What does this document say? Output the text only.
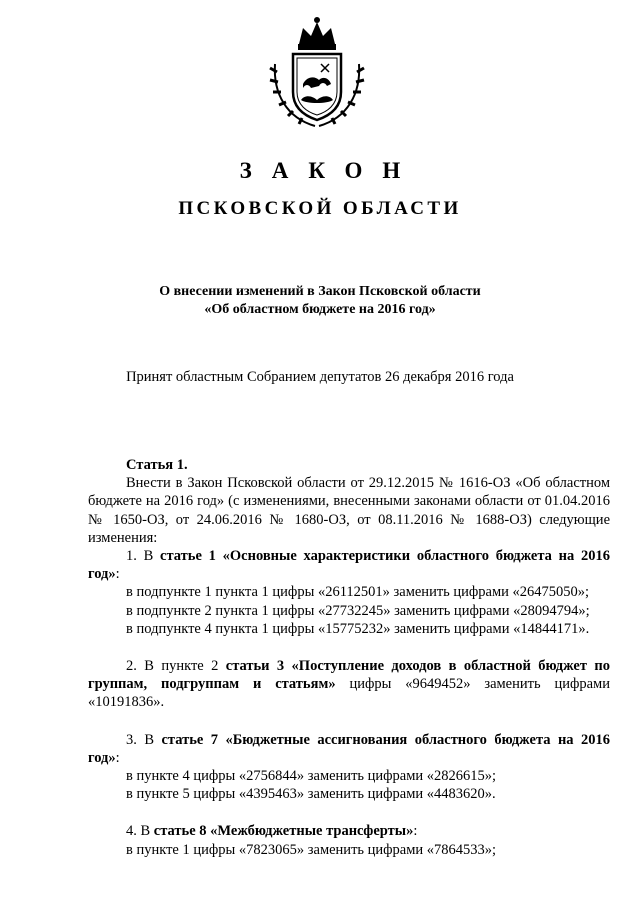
ЗАКОН
ПСКОВСКОЙ ОБЛАСТИ
О внесении изменений в Закон Псковской области
«Об областном бюджете на 2016 год»
Принят областным Собранием депутатов 26 декабря 2016 года
Статья 1.
Внести в Закон Псковской области от 29.12.2015 № 1616-ОЗ «Об областном бюджете на 2016 год» (с изменениями, внесенными законами области от 01.04.2016 № 1650-ОЗ, от 24.06.2016 № 1680-ОЗ, от 08.11.2016 № 1688-ОЗ) следующие изменения:
1. В статье 1 «Основные характеристики областного бюджета на 2016 год»:
в подпункте 1 пункта 1 цифры «26112501» заменить цифрами «26475050»;
в подпункте 2 пункта 1 цифры «27732245» заменить цифрами «28094794»;
в подпункте 4 пункта 1 цифры «15775232» заменить цифрами «14844171».
2. В пункте 2 статьи 3 «Поступление доходов в областной бюджет по группам, подгруппам и статьям» цифры «9649452» заменить цифрами «10191836».
3. В статье 7 «Бюджетные ассигнования областного бюджета на 2016 год»:
в пункте 4 цифры «2756844» заменить цифрами «2826615»;
в пункте 5 цифры «4395463» заменить цифрами «4483620».
4. В статье 8 «Межбюджетные трансферты»:
в пункте 1 цифры «7823065» заменить цифрами «7864533»;
